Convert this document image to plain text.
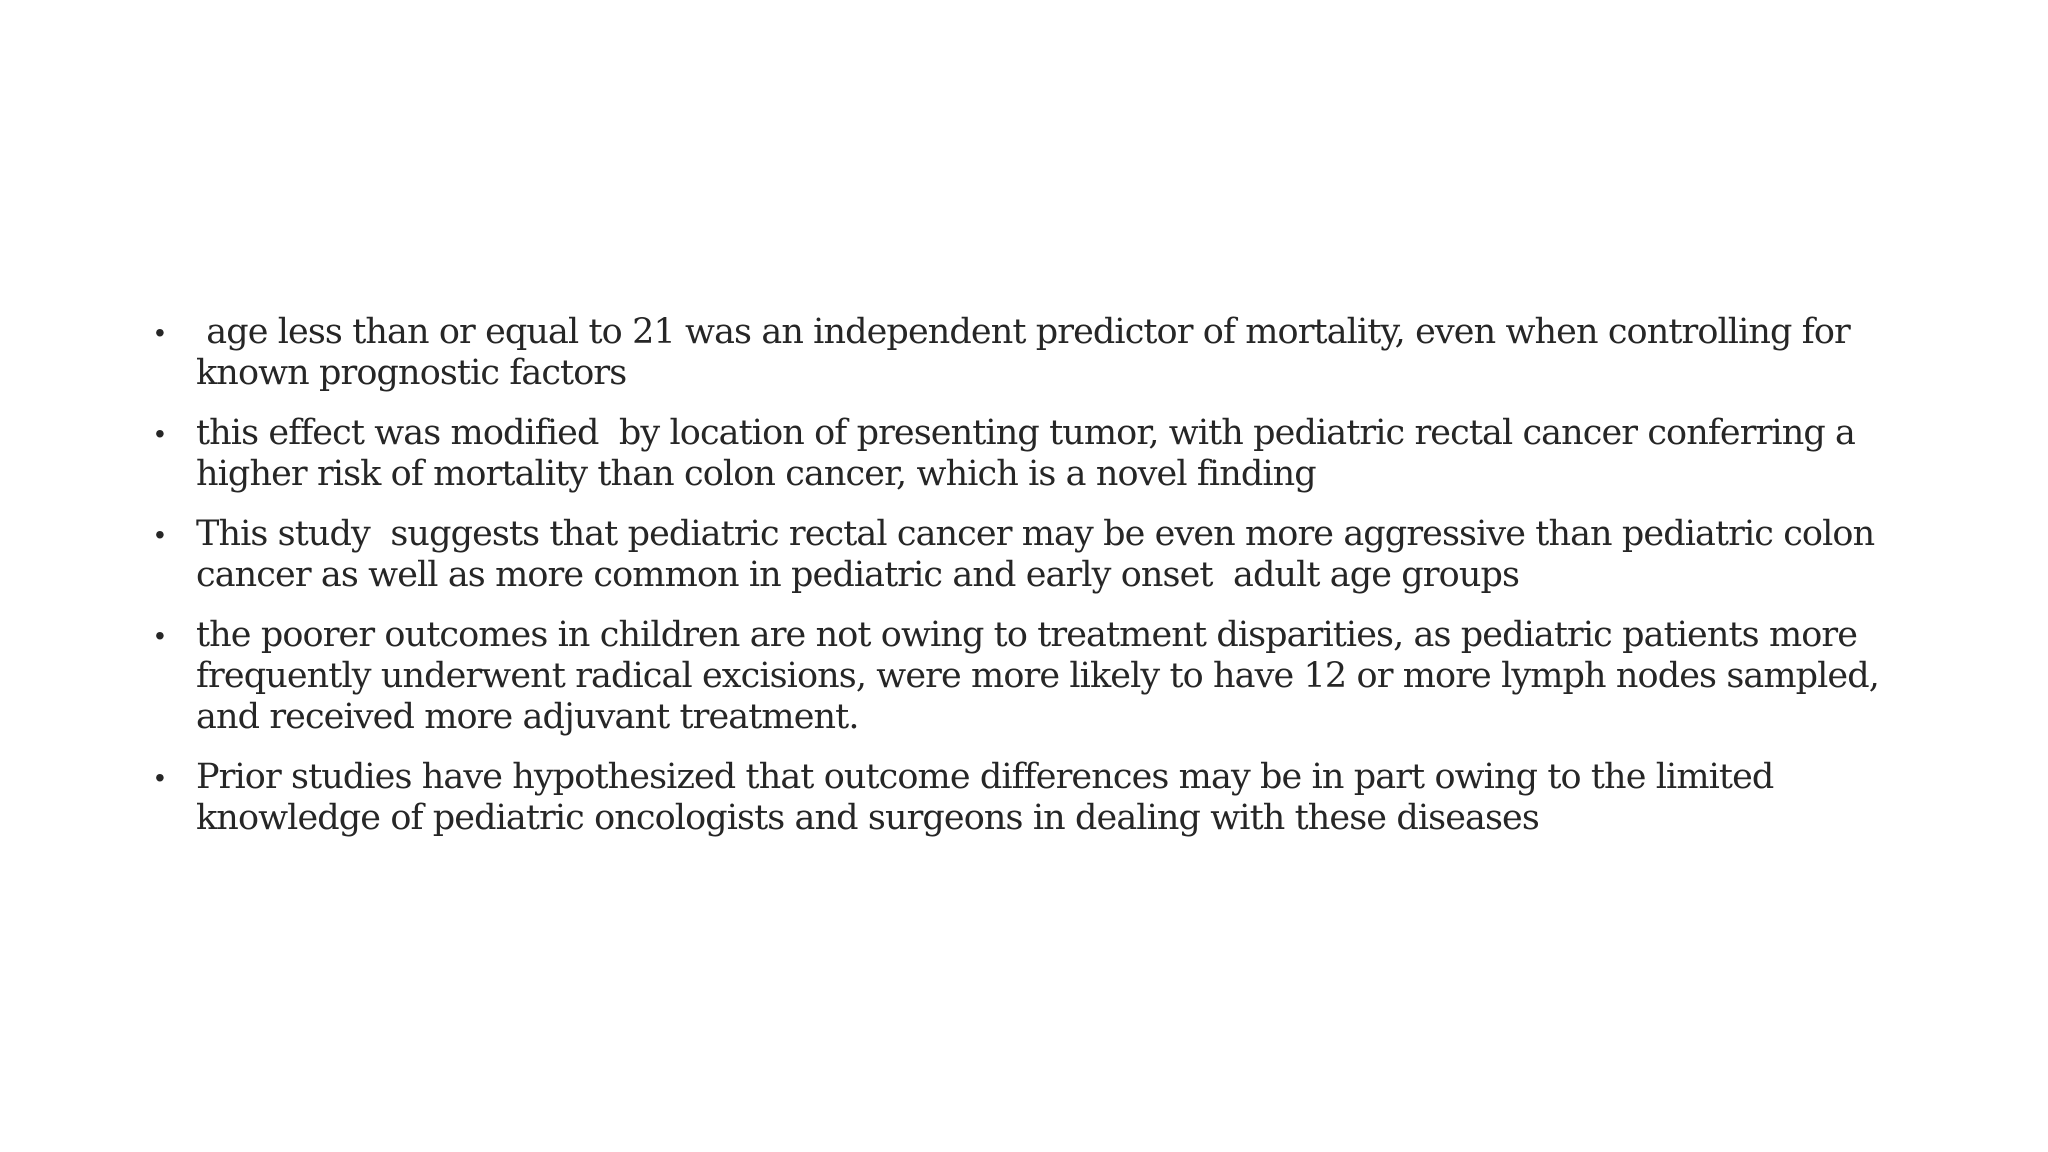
• age less than or equal to 21 was an independent predictor of mortality, even when controlling for known prognostic factors
• this effect was modified  by location of presenting tumor, with pediatric rectal cancer conferring a higher risk of mortality than colon cancer, which is a novel finding
• This study  suggests that pediatric rectal cancer may be even more aggressive than pediatric colon cancer as well as more common in pediatric and early onset  adult age groups
• the poorer outcomes in children are not owing to treatment disparities, as pediatric patients more frequently underwent radical excisions, were more likely to have 12 or more lymph nodes sampled, and received more adjuvant treatment.
• Prior studies have hypothesized that outcome differences may be in part owing to the limited knowledge of pediatric oncologists and surgeons in dealing with these diseases
